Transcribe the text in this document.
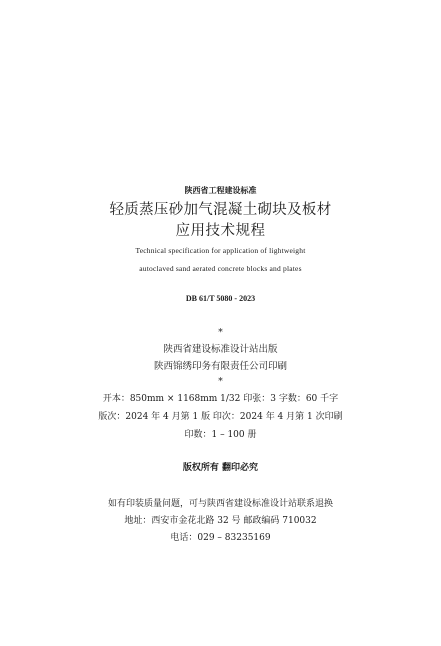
陕西省工程建设标准
轻质蒸压砂加气混凝土砌块及板材
应用技术规程
Technical specification for application of lightweight
autoclaved sand aerated concrete blocks and plates
DB 61/T 5080 - 2023
*
陕西省建设标准设计站出版
陕西锦绣印务有限责任公司印刷
*
开本：850mm × 1168mm 1/32 印张：3 字数：60 千字
版次：2024 年 4 月第 1 版 印次：2024 年 4 月第 1 次印刷
印数：1 – 100 册
版权所有 翻印必究
如有印装质量问题，可与陕西省建设标准设计站联系退换
地址：西安市金花北路 32 号 邮政编码 710032
电话：029 – 83235169
